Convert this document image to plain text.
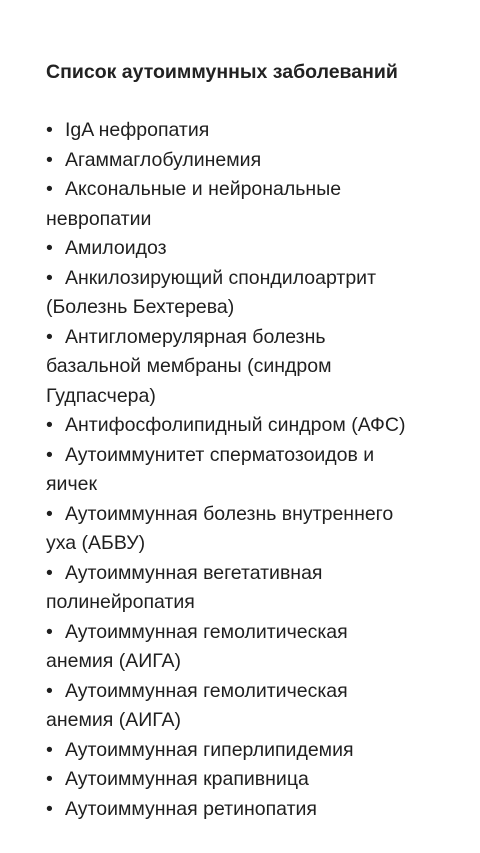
Список аутоиммунных заболеваний
• IgA нефропатия
• Агаммаглобулинемия
• Аксональные и нейрональные
невропатии
• Амилоидоз
• Анкилозирующий спондилоартрит
(Болезнь Бехтерева)
• Антигломерулярная болезнь
базальной мембраны (синдром
Гудпасчера)
• Антифосфолипидный синдром (АФС)
• Аутоиммунитет сперматозоидов и
яичек
• Аутоиммунная болезнь внутреннего
уха (АБВУ)
• Аутоиммунная вегетативная
полинейропатия
• Аутоиммунная гемолитическая
анемия (АИГА)
• Аутоиммунная гемолитическая
анемия (АИГА)
• Аутоиммунная гиперлипидемия
• Аутоиммунная крапивница
• Аутоиммунная ретинопатия
